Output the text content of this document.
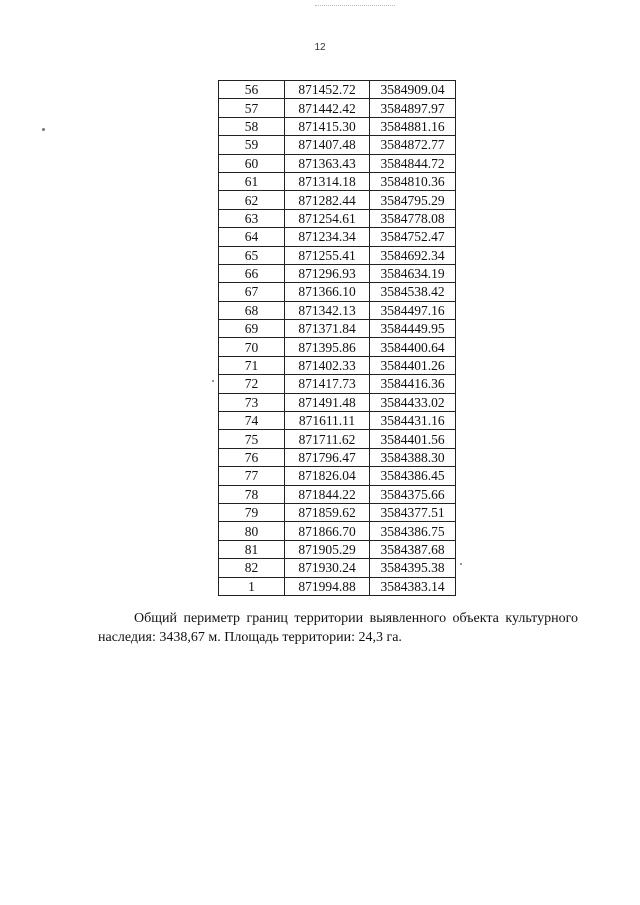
12
56	871452.72	3584909.04
57	871442.42	3584897.97
58	871415.30	3584881.16
59	871407.48	3584872.77
60	871363.43	3584844.72
61	871314.18	3584810.36
62	871282.44	3584795.29
63	871254.61	3584778.08
64	871234.34	3584752.47
65	871255.41	3584692.34
66	871296.93	3584634.19
67	871366.10	3584538.42
68	871342.13	3584497.16
69	871371.84	3584449.95
70	871395.86	3584400.64
71	871402.33	3584401.26
72	871417.73	3584416.36
73	871491.48	3584433.02
74	871611.11	3584431.16
75	871711.62	3584401.56
76	871796.47	3584388.30
77	871826.04	3584386.45
78	871844.22	3584375.66
79	871859.62	3584377.51
80	871866.70	3584386.75
81	871905.29	3584387.68
82	871930.24	3584395.38
1	871994.88	3584383.14
Общий периметр границ территории выявленного объекта культурного наследия: 3438,67 м. Площадь территории: 24,3 га.
